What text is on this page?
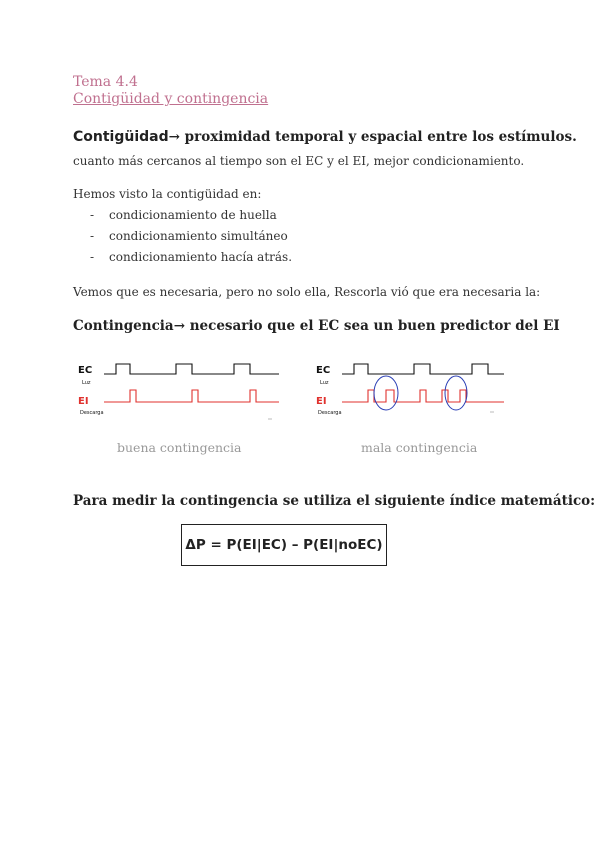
Tema 4.4
Contigüidad y contingencia
Contigüidad→ proximidad temporal y espacial entre los estímulos.
cuanto más cercanos al tiempo son el EC y el EI, mejor condicionamiento.
Hemos visto la contigüidad en:
- condicionamiento de huella
- condicionamiento simultáneo
- condicionamiento hacía atrás.
Vemos que es necesaria, pero no solo ella, Rescorla vió que era necesaria la:
Contingencia→ necesario que el EC sea un buen predictor del EI
EC
Luz
EI
Descarga
EC
Luz
EI
Descarga
buena contingencia	mala contingencia
Para medir la contingencia se utiliza el siguiente índice matemático:
ΔP = P(EI|EC) – P(EI|noEC)
